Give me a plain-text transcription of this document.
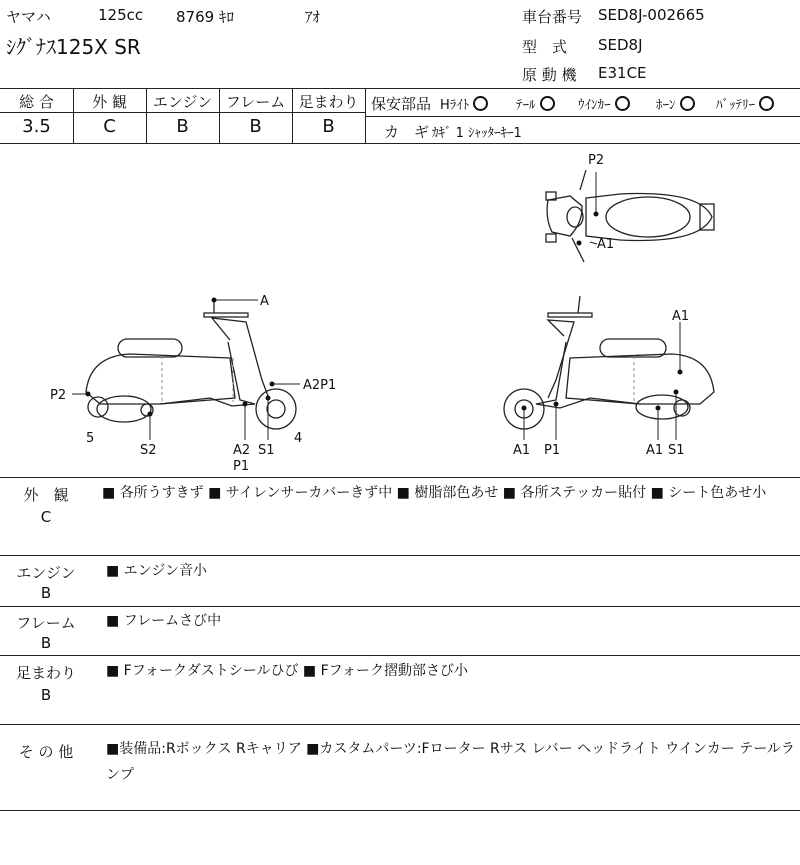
ヤマハ	125cc 8769 ｷﾛ	ｱｵ
ｼｸﾞﾅｽ125X SR
車台番号 SED8J-002665
型　式 SED8J
原 動 機 E31CE
総 合	外 観	エンジン フレーム 足まわり
3.5	C	B	B	B
保安部品 Hﾗｲﾄ	ﾃｰﾙ	ｳｲﾝｶｰ	ﾎｰﾝ	ﾊﾞｯﾃﾘｰ
カ　ギ ｶｷﾞ 1 ｼｬｯﾀｰｷｰ1
P2
A1
A
P2
A2P1
5
S2	A2 S1
4
P1
A1
A1 P1	A1 S1
外　観
C
■ 各所うすきず ■ サイレンサーカバーきず中 ■ 樹脂部色あせ ■ 各所ステッカー貼付 ■ シート色あせ小
エンジン
B
■ エンジン音小
フレーム
B
■ フレームさび中
足まわり
B
■ Fフォークダストシールひび ■ Fフォーク摺動部さび小
そ の 他	■装備品:Rボックス Rキャリア ■カスタムパーツ:Fローター Rサス レバー ヘッドライト ウインカー テールランプ
